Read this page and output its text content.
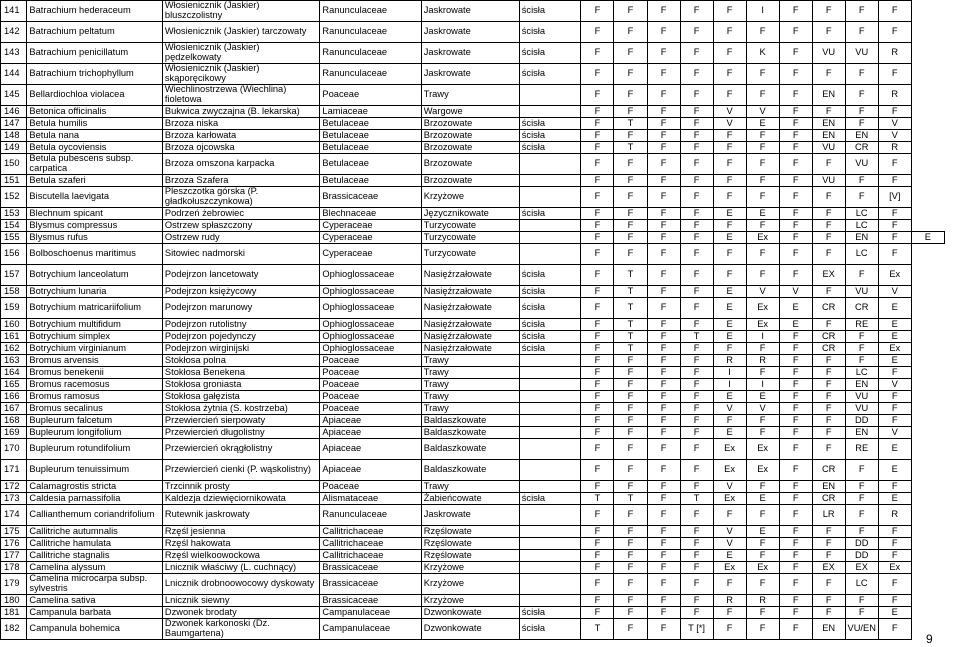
141	Batrachium hederaceum	Włosienicznik (Jaskier) bluszczolistny	Ranunculaceae	Jaskrowate	ścisła	F	F	F	F	F	I	F	F	F	F	
142	Batrachium peltatum	Włosienicznik (Jaskier) tarczowaty	Ranunculaceae	Jaskrowate	ścisła	F	F	F	F	F	F	F	F	F	F	
143	Batrachium penicillatum	Włosienicznik (Jaskier) pędzelkowaty	Ranunculaceae	Jaskrowate	ścisła	F	F	F	F	F	K	F	VU	VU	R	
144	Batrachium trichophyllum	Włosienicznik (Jaskier) skąporęcikowy	Ranunculaceae	Jaskrowate	ścisła	F	F	F	F	F	F	F	F	F	F	
145	Bellardiochloa violacea	Wiechlinostrzewa (Wiechlina) fioletowa	Poaceae	Trawy		F	F	F	F	F	F	F	EN	F	R	
146	Betonica officinalis	Bukwica zwyczajna (B. lekarska)	Lamiaceae	Wargowe		F	F	F	F	V	V	F	F	F	F	
147	Betula humilis	Brzoza niska	Betulaceae	Brzozowate	ścisła	F	T	F	F	V	E	F	EN	F	V	
148	Betula nana	Brzoza karłowata	Betulaceae	Brzozowate	ścisła	F	F	F	F	F	F	F	EN	EN	V	
149	Betula oycoviensis	Brzoza ojcowska	Betulaceae	Brzozowate	ścisła	F	T	F	F	F	F	F	VU	CR	R	
150	Betula pubescens subsp. carpatica	Brzoza omszona karpacka	Betulaceae	Brzozowate		F	F	F	F	F	F	F	F	VU	F	
151	Betula szaferi	Brzoza Szafera	Betulaceae	Brzozowate		F	F	F	F	F	F	F	VU	F	F	
152	Biscutella laevigata	Pleszczotka górska (P. gładkołuszczynkowa)	Brassicaceae	Krzyżowe		F	F	F	F	F	F	F	F	F	[V]	
153	Blechnum spicant	Podrzeń żebrowiec	Blechnaceae	Języcznikowate	ścisła	F	F	F	F	E	E	F	F	LC	F	
154	Blysmus compressus	Ostrzew spłaszczony	Cyperaceae	Turzycowate		F	F	F	F	F	F	F	F	LC	F	
155	Blysmus rufus	Ostrzew rudy	Cyperaceae	Turzycowate		F	F	F	F	E	Ex	F	F	EN	F	E
156	Bolboschoenus maritimus	Sitowiec nadmorski	Cyperaceae	Turzycowate		F	F	F	F	F	F	F	F	LC	F	
157	Botrychium lanceolatum	Podejrzon lancetowaty	Ophioglossaceae	Nasięźrzałowate	ścisła	F	T	F	F	F	F	F	EX	F	Ex	
158	Botrychium lunaria	Podejrzon księżycowy	Ophioglossaceae	Nasięźrzałowate	ścisła	F	T	F	F	E	V	V	F	VU	V	
159	Botrychium matricariifolium	Podejrzon marunowy	Ophioglossaceae	Nasięźrzałowate	ścisła	F	T	F	F	E	Ex	E	CR	CR	E	
160	Botrychium multifidum	Podejrzon rutolistny	Ophioglossaceae	Nasięźrzałowate	ścisła	F	T	F	F	E	Ex	E	F	RE	E	
161	Botrychium simplex	Podejrzon pojedynczy	Ophioglossaceae	Nasięźrzałowate	ścisła	F	T	F	T	E	I	F	CR	F	E	
162	Botrychium virginianum	Podejrzon wirginijski	Ophioglossaceae	Nasięźrzałowate	ścisła	F	T	F	F	F	F	F	CR	F	Ex	
163	Bromus arvensis	Stokłosa polna	Poaceae	Trawy		F	F	F	F	R	R	F	F	F	E	
164	Bromus benekenii	Stokłosa Benekena	Poaceae	Trawy		F	F	F	F	I	F	F	F	LC	F	
165	Bromus racemosus	Stokłosa groniasta	Poaceae	Trawy		F	F	F	F	I	I	F	F	EN	V	
166	Bromus ramosus	Stokłosa gałęzista	Poaceae	Trawy		F	F	F	F	E	E	F	F	VU	F	
167	Bromus secalinus	Stokłosa żytnia (S. kostrzeba)	Poaceae	Trawy		F	F	F	F	V	V	F	F	VU	F	
168	Bupleurum falcetum	Przewiercień sierpowaty	Apiaceae	Baldaszkowate		F	F	F	F	F	F	F	F	DD	F	
169	Bupleurum longifolium	Przewiercień długolistny	Apiaceae	Baldaszkowate		F	F	F	F	E	F	F	F	EN	V	
170	Bupleurum rotundifolium	Przewiercień okrągłolistny	Apiaceae	Baldaszkowate		F	F	F	F	Ex	Ex	F	F	RE	E	
171	Bupleurum tenuissimum	Przewiercień cienki (P. wąskolistny)	Apiaceae	Baldaszkowate		F	F	F	F	Ex	Ex	F	CR	F	E	
172	Calamagrostis stricta	Trzcinnik prosty	Poaceae	Trawy		F	F	F	F	V	F	F	EN	F	F	
173	Caldesia parnassifolia	Kaldezja dziewięciornikowata	Alismataceae	Żabieńcowate	ścisła	T	T	F	T	Ex	E	F	CR	F	E	
174	Callianthemum coriandrifolium	Rutewnik jaskrowaty	Ranunculaceae	Jaskrowate		F	F	F	F	F	F	F	LR	F	R	
175	Callitriche autumnalis	Rzęśl jesienna	Callitrichaceae	Rzęślowate		F	F	F	F	V	E	F	F	F	F	
176	Callitriche hamulata	Rzęśl hakowata	Callitrichaceae	Rzęślowate		F	F	F	F	V	F	F	F	DD	F	
177	Callitriche stagnalis	Rzęśl wielkoowockowa	Callitrichaceae	Rzęślowate		F	F	F	F	E	F	F	F	DD	F	
178	Camelina alyssum	Lnicznik właściwy (L. cuchnący)	Brassicaceae	Krzyżowe		F	F	F	F	Ex	Ex	F	EX	EX	Ex	
179	Camelina microcarpa subsp. sylvestris	Lnicznik drobnoowocowy dyskowaty	Brassicaceae	Krzyżowe		F	F	F	F	F	F	F	F	LC	F	
180	Camelina sativa	Lnicznik siewny	Brassicaceae	Krzyżowe		F	F	F	F	R	R	F	F	F	F	
181	Campanula barbata	Dzwonek brodaty	Campanulaceae	Dzwonkowate	ścisła	F	F	F	F	F	F	F	F	F	E	
182	Campanula bohemica	Dzwonek karkonoski (Dz. Baumgartena)	Campanulaceae	Dzwonkowate	ścisła	T	F	F	T [*]	F	F	F	EN	VU/EN	F	
9
